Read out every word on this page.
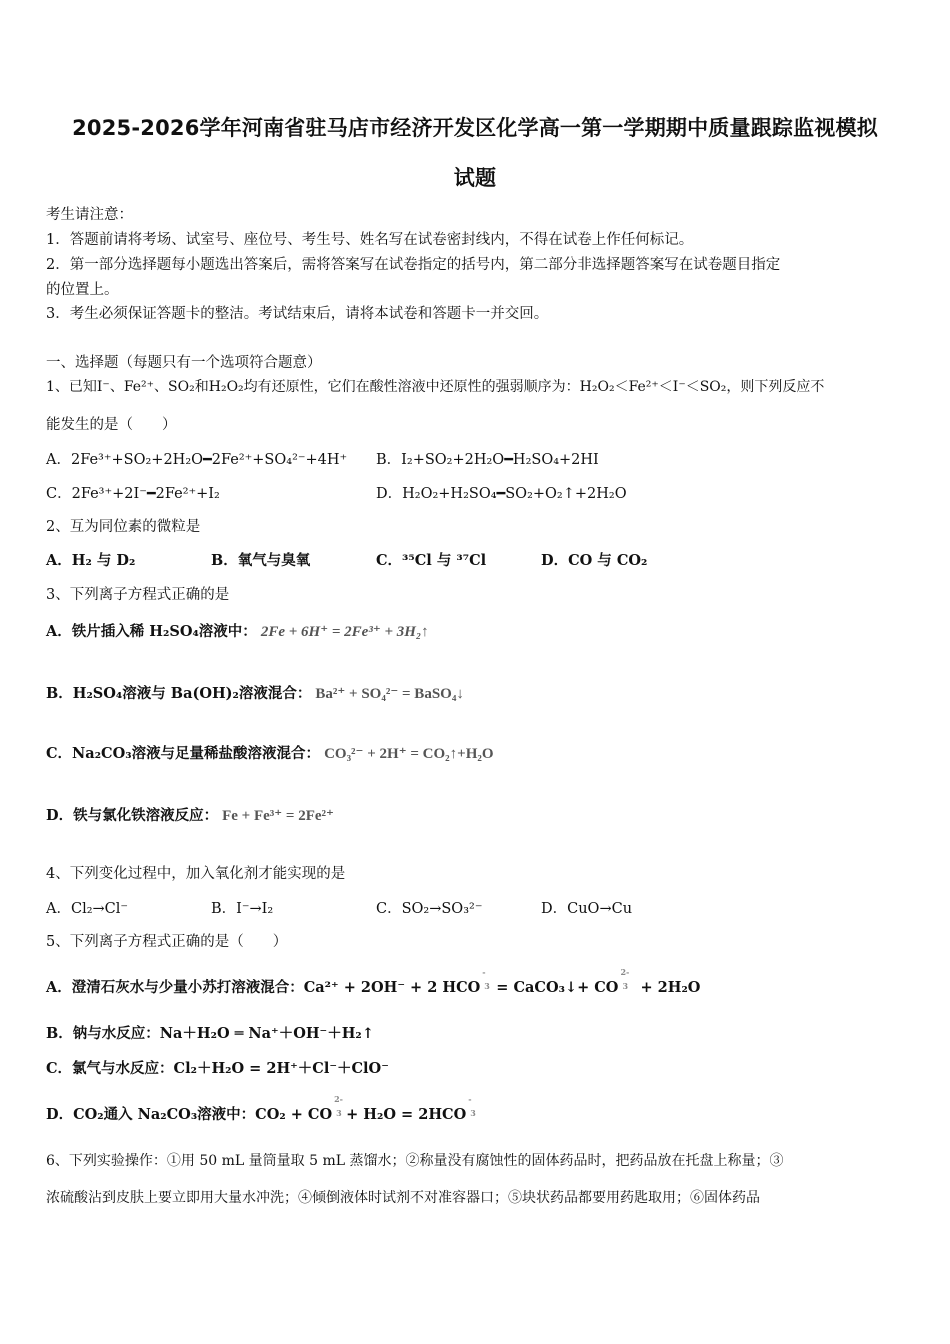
2025-2026学年河南省驻马店市经济开发区化学高一第一学期期中质量跟踪监视模拟
试题
考生请注意：
1．答题前请将考场、试室号、座位号、考生号、姓名写在试卷密封线内，不得在试卷上作任何标记。
2．第一部分选择题每小题选出答案后，需将答案写在试卷指定的括号内，第二部分非选择题答案写在试卷题目指定
的位置上。
3．考生必须保证答题卡的整洁。考试结束后，请将本试卷和答题卡一并交回。
一、选择题（每题只有一个选项符合题意）
1、已知I⁻、Fe²⁺、SO₂和H₂O₂均有还原性，它们在酸性溶液中还原性的强弱顺序为：H₂O₂＜Fe²⁺＜I⁻＜SO₂，则下列反应不
能发生的是（　　）
A．2Fe³⁺+SO₂+2H₂O━2Fe²⁺+SO₄²⁻+4H⁺ B．I₂+SO₂+2H₂O━H₂SO₄+2HI
C．2Fe³⁺+2I⁻━2Fe²⁺+I₂	D．H₂O₂+H₂SO₄━SO₂+O₂↑+2H₂O
2、互为同位素的微粒是
A．H₂ 与 D₂	B．氧气与臭氧	C．³⁵Cl 与 ³⁷Cl	D．CO 与 CO₂
3、下列离子方程式正确的是
A．铁片插入稀 H₂SO₄溶液中： 2Fe + 6H⁺ = 2Fe³⁺ + 3H₂↑
B．H₂SO₄溶液与 Ba(OH)₂溶液混合： Ba²⁺ + SO₄²⁻ = BaSO₄↓
C．Na₂CO₃溶液与足量稀盐酸溶液混合： CO₃²⁻ + 2H⁺ = CO₂↑+H₂O
D．铁与氯化铁溶液反应： Fe + Fe³⁺ = 2Fe²⁺
4、下列变化过程中，加入氧化剂才能实现的是
A．Cl₂→Cl⁻	B．I⁻→I₂	C．SO₂→SO₃²⁻	D．CuO→Cu
5、下列离子方程式正确的是（　　）
A．澄清石灰水与少量小苏打溶液混合：Ca²⁺ + 2OH⁻ + 2 HCO
-
3 = CaCO₃↓+ CO
2-
3 + 2H₂O
B．钠与水反应：Na＋H₂O ═ Na⁺＋OH⁻＋H₂↑
C．氯气与水反应：Cl₂＋H₂O = 2H⁺＋Cl⁻＋ClO⁻
D．CO₂通入 Na₂CO₃溶液中：CO₂ + CO
2-
3 + H₂O = 2HCO
-
3
6、下列实验操作：①用 50 mL 量筒量取 5 mL 蒸馏水；②称量没有腐蚀性的固体药品时，把药品放在托盘上称量；③
浓硫酸沾到皮肤上要立即用大量水冲洗；④倾倒液体时试剂不对准容器口；⑤块状药品都要用药匙取用；⑥固体药品
